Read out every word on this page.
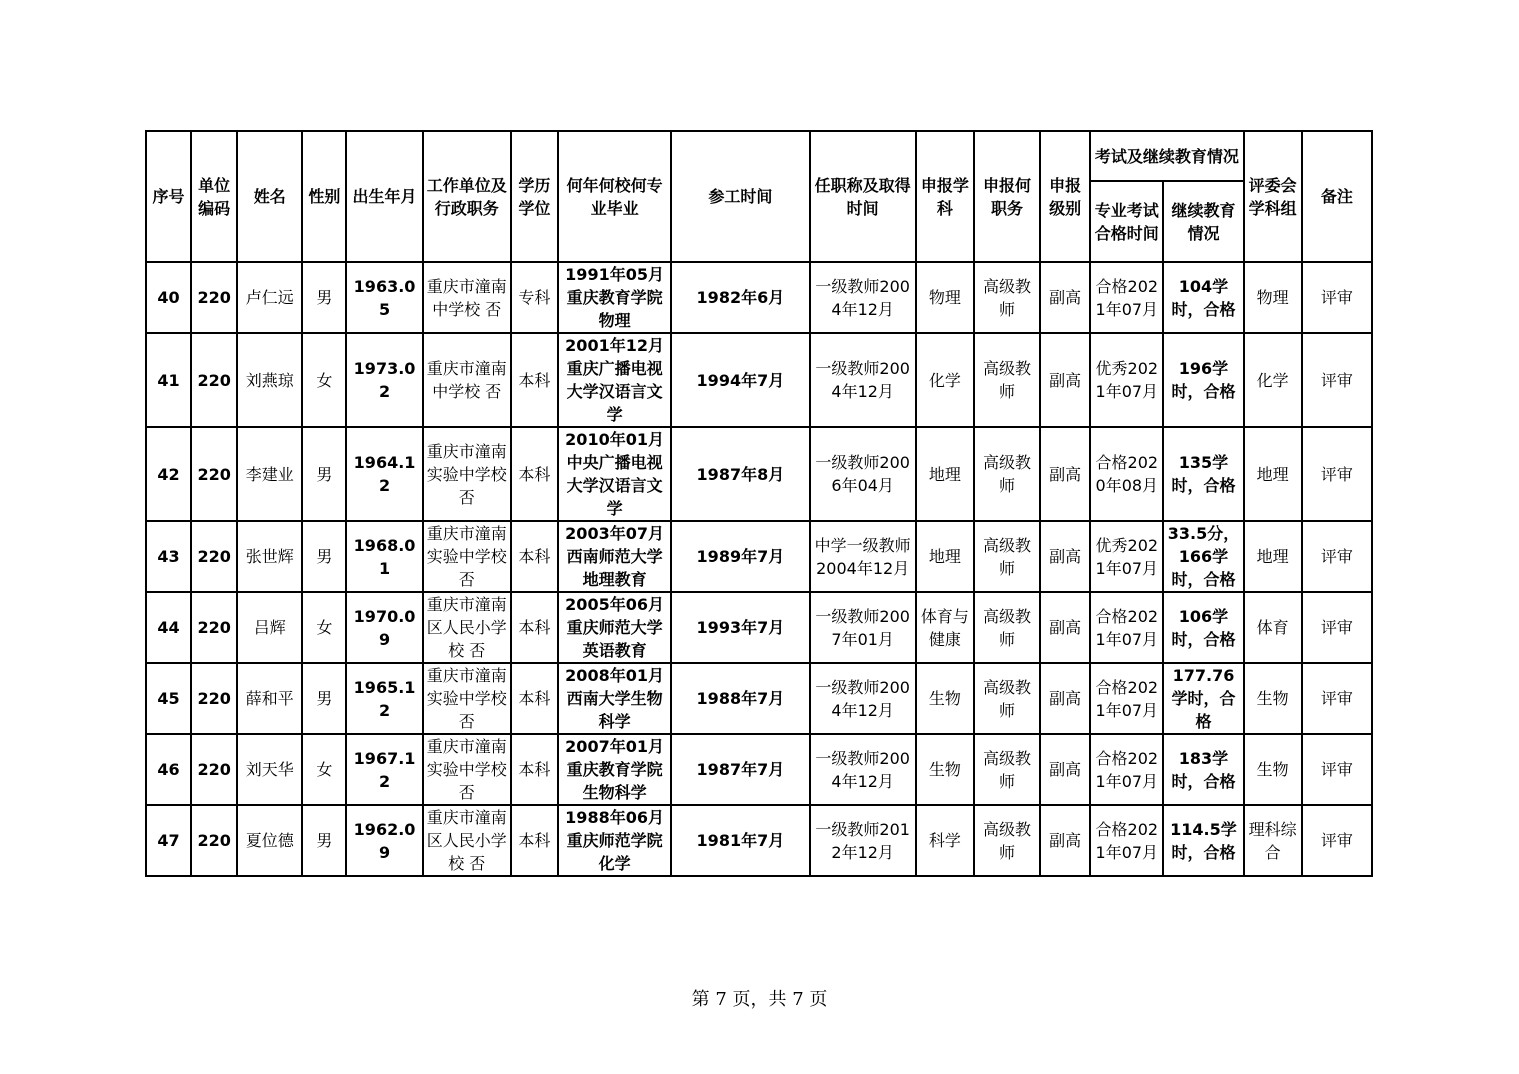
序号	单位编码	姓名	性别	出生年月	工作单位及行政职务	学历学位	何年何校何专业毕业	参工时间	任职称及取得时间	申报学科	申报何职务	申报级别	考试及继续教育情况		评委会学科组	备注
													专业考试合格时间	继续教育情况		
40	220	卢仁远	男	1963.05	重庆市潼南中学校 否	专科	1991年05月重庆教育学院物理	1982年6月	一级教师2004年12月	物理	高级教师	副高	合格2021年07月	104学时，合格	物理	评审
41	220	刘燕琼	女	1973.02	重庆市潼南中学校 否	本科	2001年12月重庆广播电视大学汉语言文学	1994年7月	一级教师2004年12月	化学	高级教师	副高	优秀2021年07月	196学时，合格	化学	评审
42	220	李建业	男	1964.12	重庆市潼南实验中学校 否	本科	2010年01月中央广播电视大学汉语言文学	1987年8月	一级教师2006年04月	地理	高级教师	副高	合格2020年08月	135学时，合格	地理	评审
43	220	张世辉	男	1968.01	重庆市潼南实验中学校 否	本科	2003年07月西南师范大学地理教育	1989年7月	中学一级教师2004年12月	地理	高级教师	副高	优秀2021年07月	33.5分，166学时，合格	地理	评审
44	220	吕辉	女	1970.09	重庆市潼南区人民小学校 否	本科	2005年06月重庆师范大学英语教育	1993年7月	一级教师2007年01月	体育与健康	高级教师	副高	合格2021年07月	106学时，合格	体育	评审
45	220	薛和平	男	1965.12	重庆市潼南实验中学校 否	本科	2008年01月西南大学生物科学	1988年7月	一级教师2004年12月	生物	高级教师	副高	合格2021年07月	177.76学时，合格	生物	评审
46	220	刘天华	女	1967.12	重庆市潼南实验中学校 否	本科	2007年01月重庆教育学院生物科学	1987年7月	一级教师2004年12月	生物	高级教师	副高	合格2021年07月	183学时，合格	生物	评审
47	220	夏位德	男	1962.09	重庆市潼南区人民小学校 否	本科	1988年06月重庆师范学院化学	1981年7月	一级教师2012年12月	科学	高级教师	副高	合格2021年07月	114.5学时，合格	理科综合	评审
第 7 页，共 7 页
